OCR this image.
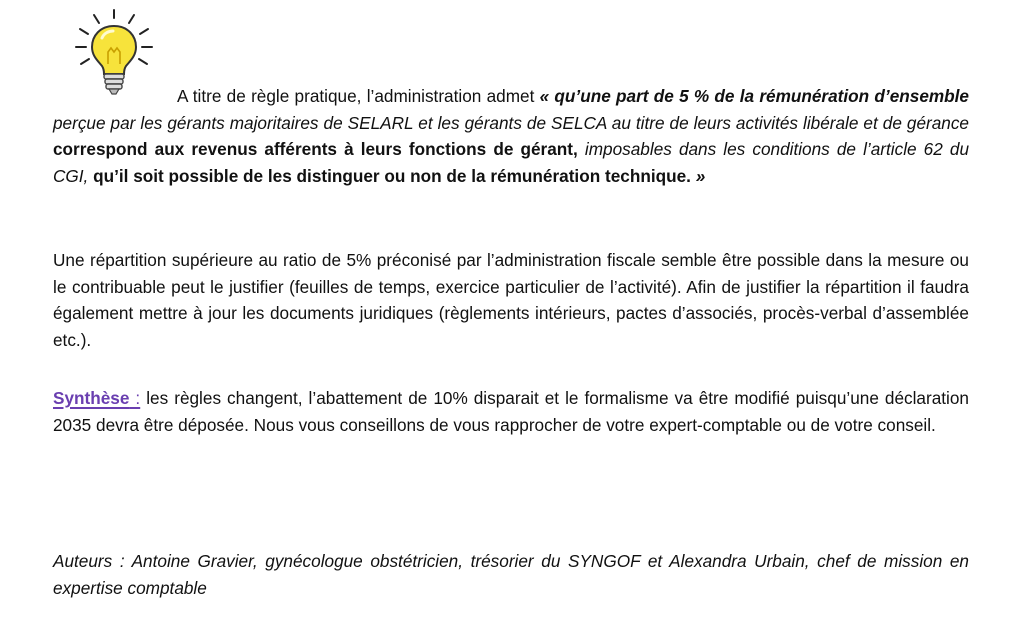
A titre de règle pratique, l’administration admet « qu’une part de 5 % de la rémunération d’ensemble perçue par les gérants majoritaires de SELARL et les gérants de SELCA au titre de leurs activités libérale et de gérance correspond aux revenus afférents à leurs fonctions de gérant, imposables dans les conditions de l’article 62 du CGI, qu’il soit possible de les distinguer ou non de la rémunération technique. »

Une répartition supérieure au ratio de 5% préconisé par l’administration fiscale semble être possible dans la mesure ou le contribuable peut le justifier (feuilles de temps, exercice particulier de l’activité). Afin de justifier la répartition il faudra également mettre à jour les documents juridiques (règlements intérieurs, pactes d’associés, procès-verbal d’assemblée etc.).

Synthèse : les règles changent, l’abattement de 10% disparait et le formalisme va être modifié puisqu’une déclaration 2035 devra être déposée. Nous vous conseillons de vous rapprocher de votre expert-comptable ou de votre conseil.

Auteurs : Antoine Gravier, gynécologue obstétricien, trésorier du SYNGOF et Alexandra Urbain, chef de mission en expertise comptable
